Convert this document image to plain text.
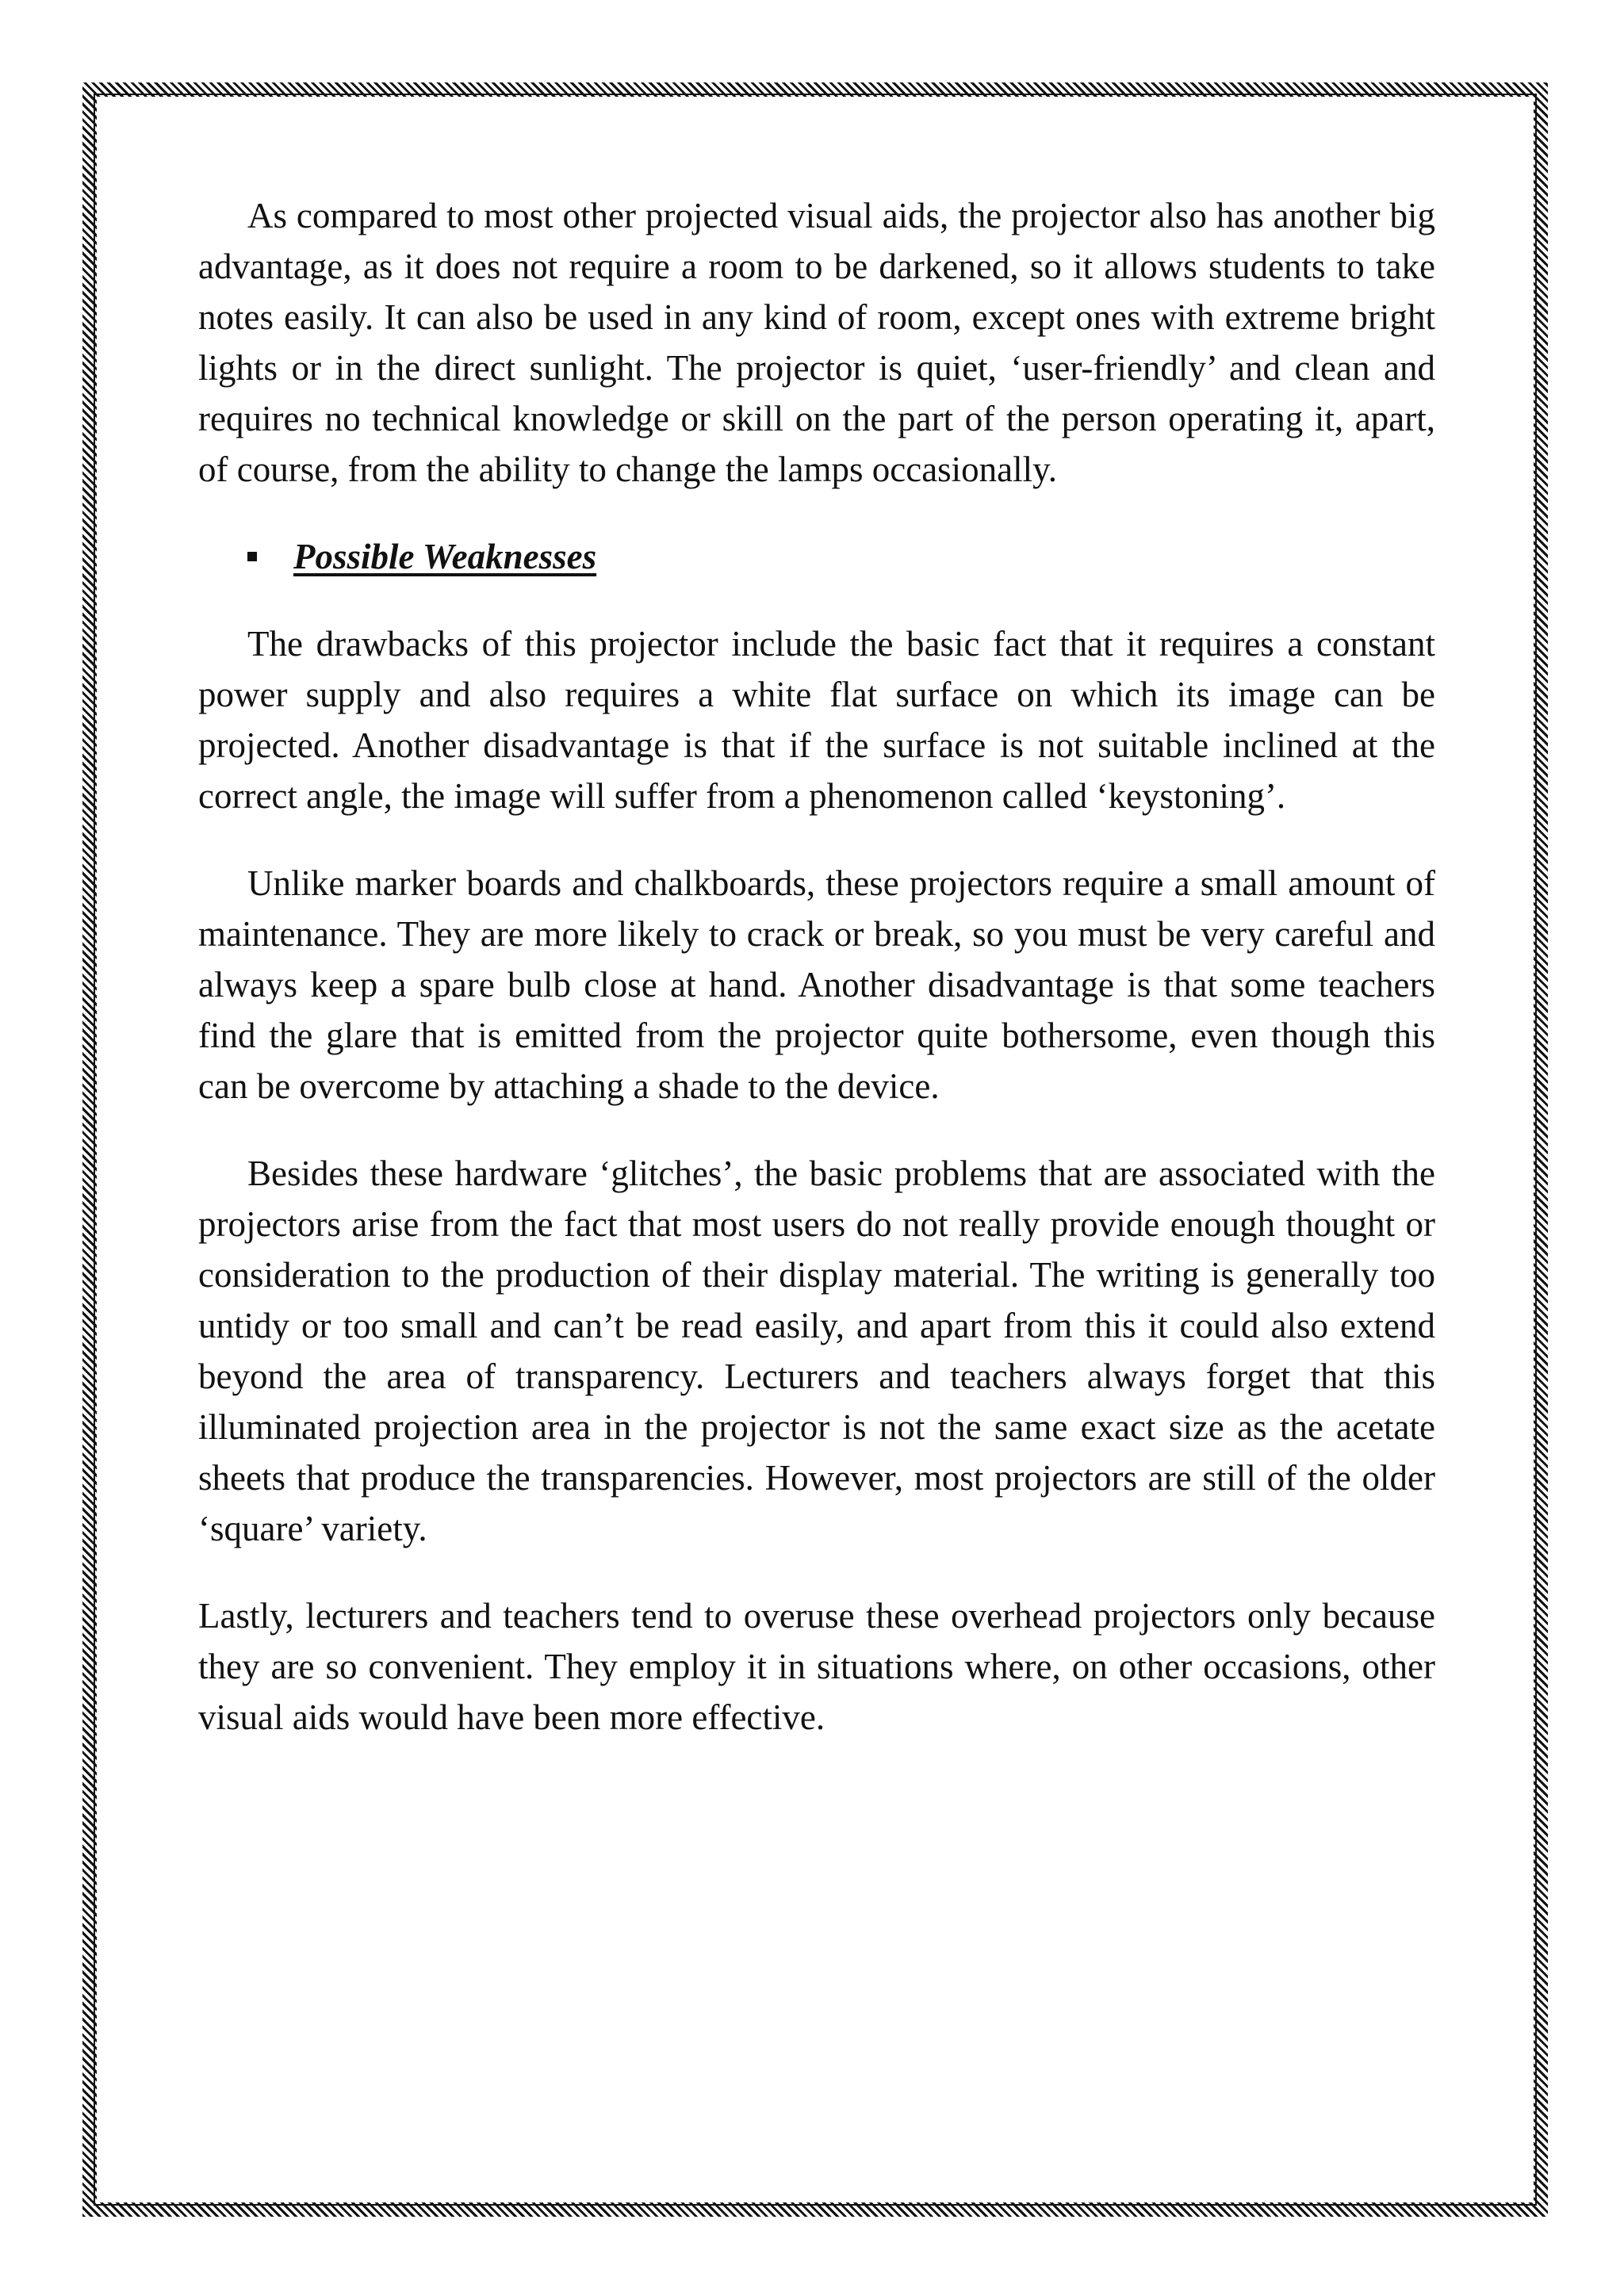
As compared to most other projected visual aids, the projector also has another big advantage, as it does not require a room to be darkened, so it allows students to take notes easily. It can also be used in any kind of room, except ones with extreme bright lights or in the direct sunlight. The projector is quiet, ‘user-friendly’ and clean and requires no technical knowledge or skill on the part of the person operating it, apart, of course, from the ability to change the lamps occasionally.

Possible Weaknesses

The drawbacks of this projector include the basic fact that it requires a constant power supply and also requires a white flat surface on which its image can be projected. Another disadvantage is that if the surface is not suitable inclined at the correct angle, the image will suffer from a phenomenon called ‘keystoning’.

Unlike marker boards and chalkboards, these projectors require a small amount of maintenance. They are more likely to crack or break, so you must be very careful and always keep a spare bulb close at hand. Another disadvantage is that some teachers find the glare that is emitted from the projector quite bothersome, even though this can be overcome by attaching a shade to the device.

Besides these hardware ‘glitches’, the basic problems that are associated with the projectors arise from the fact that most users do not really provide enough thought or consideration to the production of their display material. The writing is generally too untidy or too small and can’t be read easily, and apart from this it could also extend beyond the area of transparency. Lecturers and teachers always forget that this illuminated projection area in the projector is not the same exact size as the acetate sheets that produce the transparencies. However, most projectors are still of the older ‘square’ variety.

Lastly, lecturers and teachers tend to overuse these overhead projectors only because they are so convenient. They employ it in situations where, on other occasions, other visual aids would have been more effective.
